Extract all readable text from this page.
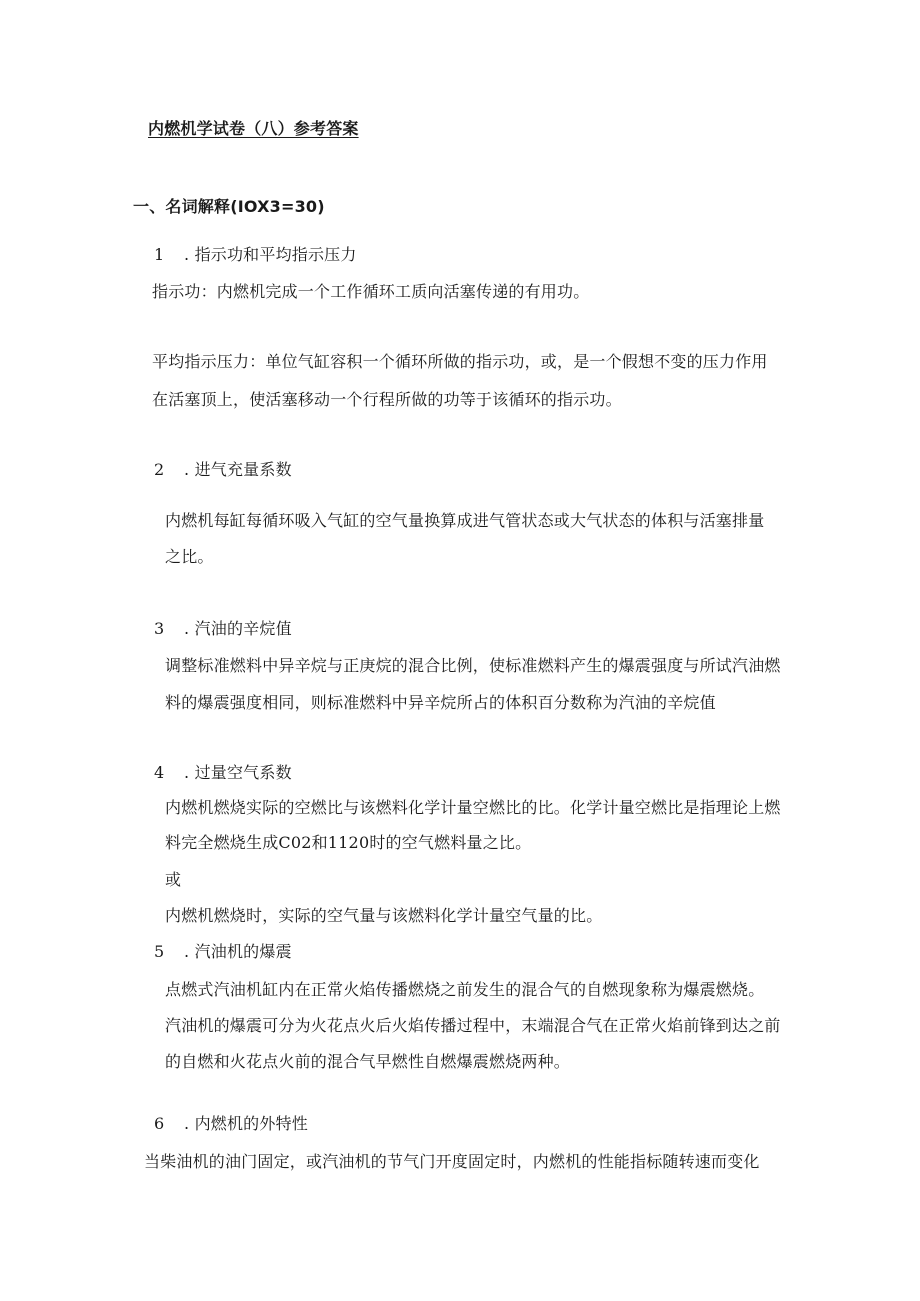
内燃机学试卷（八）参考答案
一、名词解释(IOX3=30)
1 . 指示功和平均指示压力
指示功：内燃机完成一个工作循环工质向活塞传递的有用功。
平均指示压力：单位气缸容积一个循环所做的指示功，或，是一个假想不变的压力作用
在活塞顶上，使活塞移动一个行程所做的功等于该循环的指示功。
2 . 进气充量系数
内燃机每缸每循环吸入气缸的空气量换算成进气管状态或大气状态的体积与活塞排量
之比。
3 . 汽油的辛烷值
调整标准燃料中异辛烷与正庚烷的混合比例，使标准燃料产生的爆震强度与所试汽油燃
料的爆震强度相同，则标准燃料中异辛烷所占的体积百分数称为汽油的辛烷值
4 . 过量空气系数
内燃机燃烧实际的空燃比与该燃料化学计量空燃比的比。化学计量空燃比是指理论上燃
料完全燃烧生成C02和1120时的空气燃料量之比。
或
内燃机燃烧时，实际的空气量与该燃料化学计量空气量的比。
5 . 汽油机的爆震
点燃式汽油机缸内在正常火焰传播燃烧之前发生的混合气的自燃现象称为爆震燃烧。
汽油机的爆震可分为火花点火后火焰传播过程中，末端混合气在正常火焰前锋到达之前
的自燃和火花点火前的混合气早燃性自燃爆震燃烧两种。
6 . 内燃机的外特性
当柴油机的油门固定，或汽油机的节气门开度固定时，内燃机的性能指标随转速而变化
